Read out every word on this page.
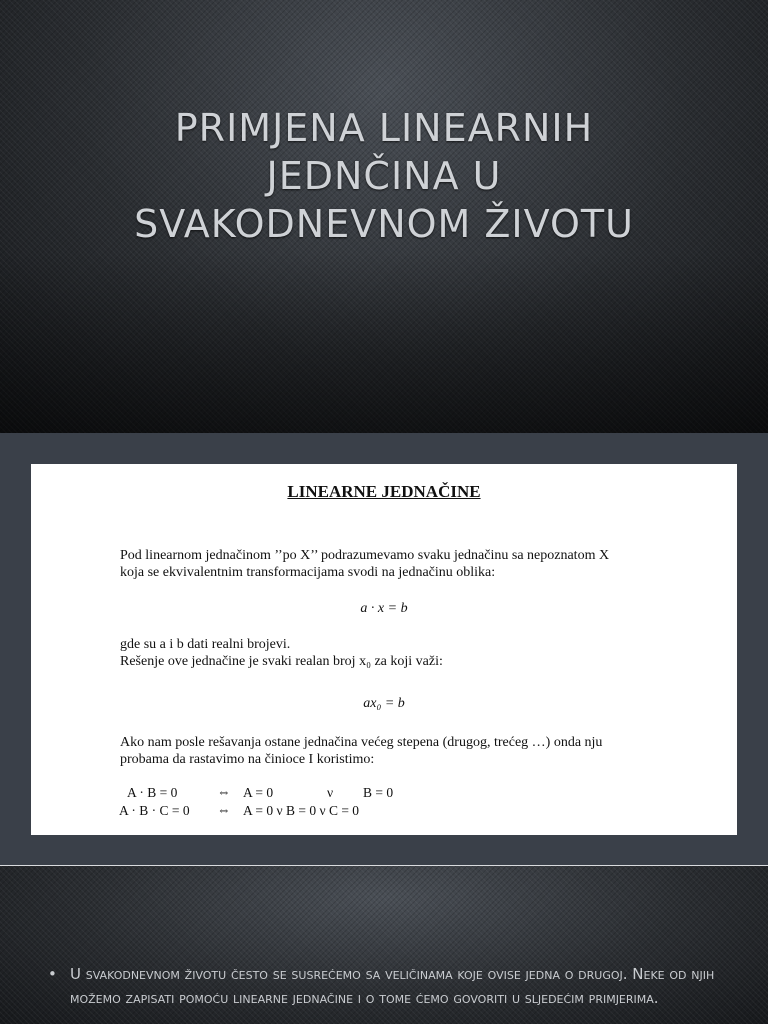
PRIMJENA LINEARNIH
JEDNČINA U
SVAKODNEVNOM ŽIVOTU
LINEARNE JEDNAČINE
Pod linearnom jednačinom ’’po X’’ podrazumevamo svaku jednačinu sa nepoznatom X
koja se ekvivalentnim transformacijama svodi na jednačinu oblika:
a · x = b
gde su a i b dati realni brojevi.
Rešenje ove jednačine je svaki realan broj x₀ za koji važi:
ax₀ = b
Ako nam posle rešavanja ostane jednačina većeg stepena (drugog, trećeg …) onda nju
probama da rastavimo na činioce I koristimo:
A · B = 0	⇔ A = 0	ν B = 0
A · B · C = 0 ⇔ A = 0 ν B = 0 ν C = 0
• U svakodnevnom životu često se susrećemo sa veličinama koje ovise jedna o drugoj. Neke od njih možemo zapisati pomoću linearne jednačine i o tome ćemo govoriti u sljedećim primjerima.
